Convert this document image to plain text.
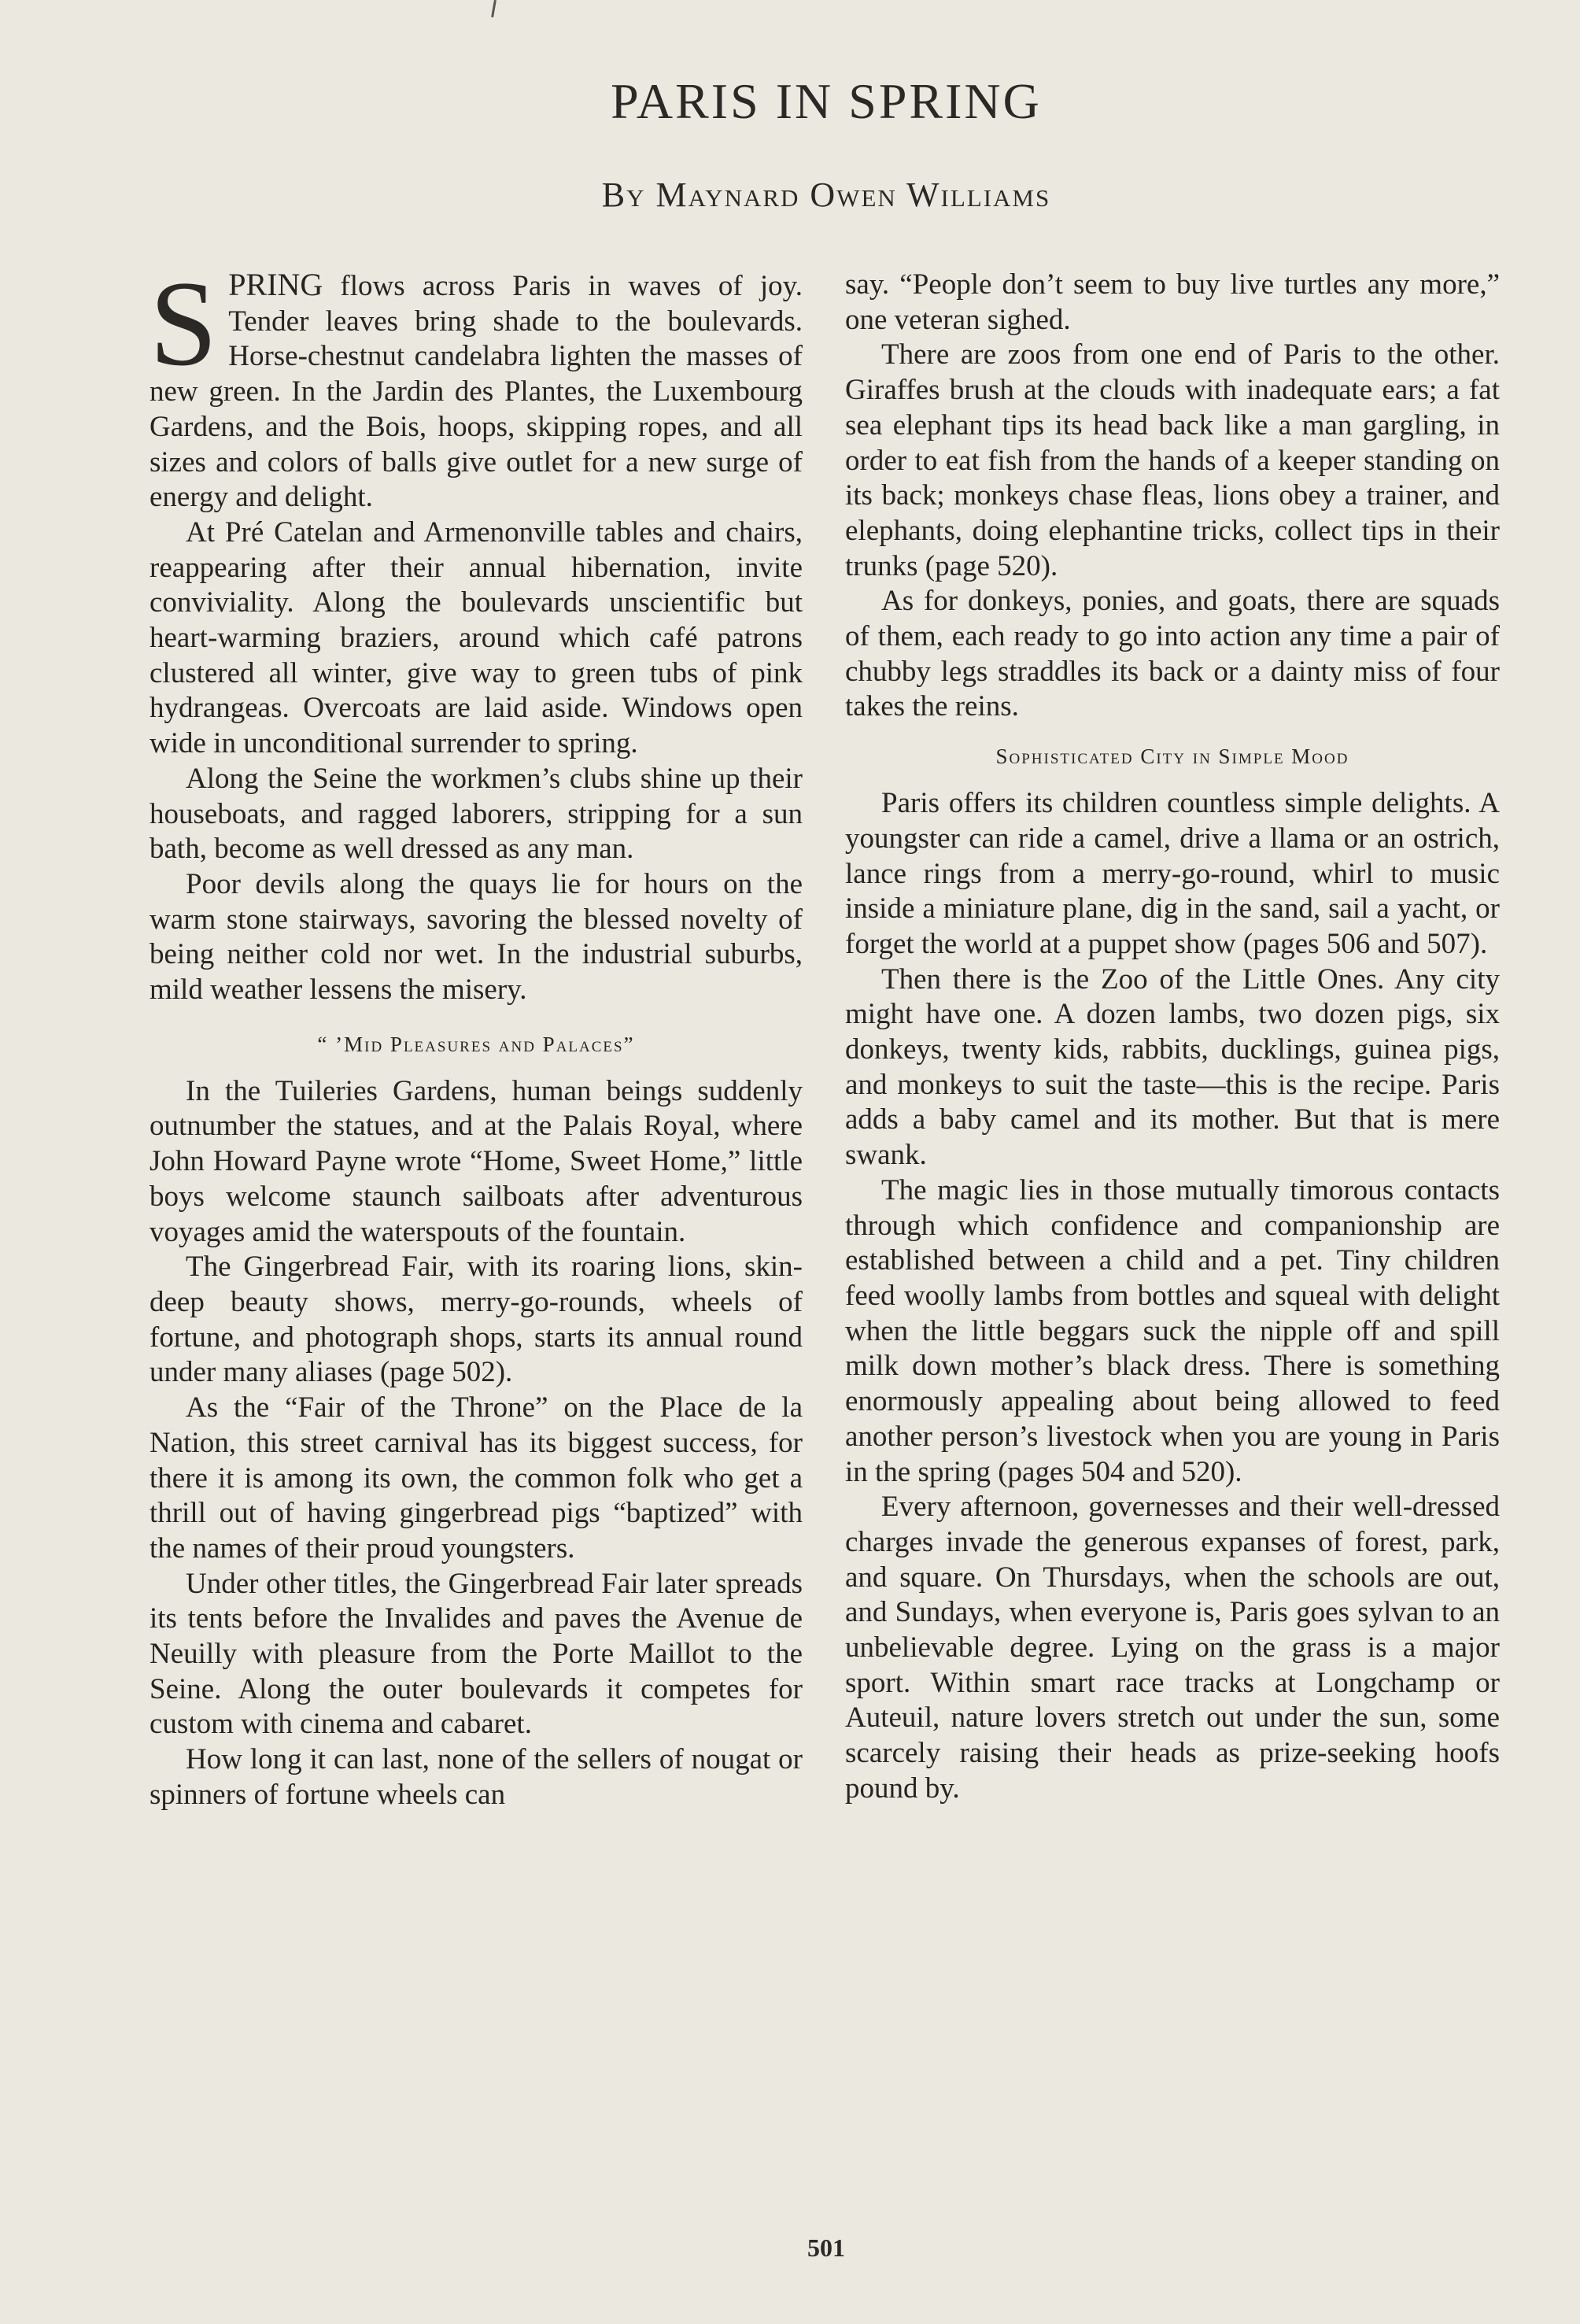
PARIS IN SPRING
By Maynard Owen Williams

SPRING flows across Paris in waves of joy. Tender leaves bring shade to the boulevards. Horse-chestnut candelabra lighten the masses of new green. In the Jardin des Plantes, the Luxembourg Gardens, and the Bois, hoops, skipping ropes, and all sizes and colors of balls give outlet for a new surge of energy and delight.

At Pré Catelan and Armenonville tables and chairs, reappearing after their annual hibernation, invite conviviality. Along the boulevards unscientific but heart-warming braziers, around which café patrons clustered all winter, give way to green tubs of pink hydrangeas. Overcoats are laid aside. Windows open wide in unconditional surrender to spring.

Along the Seine the workmen’s clubs shine up their houseboats, and ragged laborers, stripping for a sun bath, become as well dressed as any man.

Poor devils along the quays lie for hours on the warm stone stairways, savoring the blessed novelty of being neither cold nor wet. In the industrial suburbs, mild weather lessens the misery.

“ ’Mid Pleasures and Palaces”

In the Tuileries Gardens, human beings suddenly outnumber the statues, and at the Palais Royal, where John Howard Payne wrote “Home, Sweet Home,” little boys welcome staunch sailboats after adventurous voyages amid the waterspouts of the fountain.

The Gingerbread Fair, with its roaring lions, skin-deep beauty shows, merry-go-rounds, wheels of fortune, and photograph shops, starts its annual round under many aliases (page 502).

As the “Fair of the Throne” on the Place de la Nation, this street carnival has its biggest success, for there it is among its own, the common folk who get a thrill out of having gingerbread pigs “baptized” with the names of their proud youngsters.

Under other titles, the Gingerbread Fair later spreads its tents before the Invalides and paves the Avenue de Neuilly with pleasure from the Porte Maillot to the Seine. Along the outer boulevards it competes for custom with cinema and cabaret.

How long it can last, none of the sellers of nougat or spinners of fortune wheels can

say. “People don’t seem to buy live turtles any more,” one veteran sighed.

There are zoos from one end of Paris to the other. Giraffes brush at the clouds with inadequate ears; a fat sea elephant tips its head back like a man gargling, in order to eat fish from the hands of a keeper standing on its back; monkeys chase fleas, lions obey a trainer, and elephants, doing elephantine tricks, collect tips in their trunks (page 520).

As for donkeys, ponies, and goats, there are squads of them, each ready to go into action any time a pair of chubby legs straddles its back or a dainty miss of four takes the reins.

Sophisticated City in Simple Mood

Paris offers its children countless simple delights. A youngster can ride a camel, drive a llama or an ostrich, lance rings from a merry-go-round, whirl to music inside a miniature plane, dig in the sand, sail a yacht, or forget the world at a puppet show (pages 506 and 507).

Then there is the Zoo of the Little Ones. Any city might have one. A dozen lambs, two dozen pigs, six donkeys, twenty kids, rabbits, ducklings, guinea pigs, and monkeys to suit the taste—this is the recipe. Paris adds a baby camel and its mother. But that is mere swank.

The magic lies in those mutually timorous contacts through which confidence and companionship are established between a child and a pet. Tiny children feed woolly lambs from bottles and squeal with delight when the little beggars suck the nipple off and spill milk down mother’s black dress. There is something enormously appealing about being allowed to feed another person’s livestock when you are young in Paris in the spring (pages 504 and 520).

Every afternoon, governesses and their well-dressed charges invade the generous expanses of forest, park, and square. On Thursdays, when the schools are out, and Sundays, when everyone is, Paris goes sylvan to an unbelievable degree. Lying on the grass is a major sport. Within smart race tracks at Longchamp or Auteuil, nature lovers stretch out under the sun, some scarcely raising their heads as prize-seeking hoofs pound by.

501
